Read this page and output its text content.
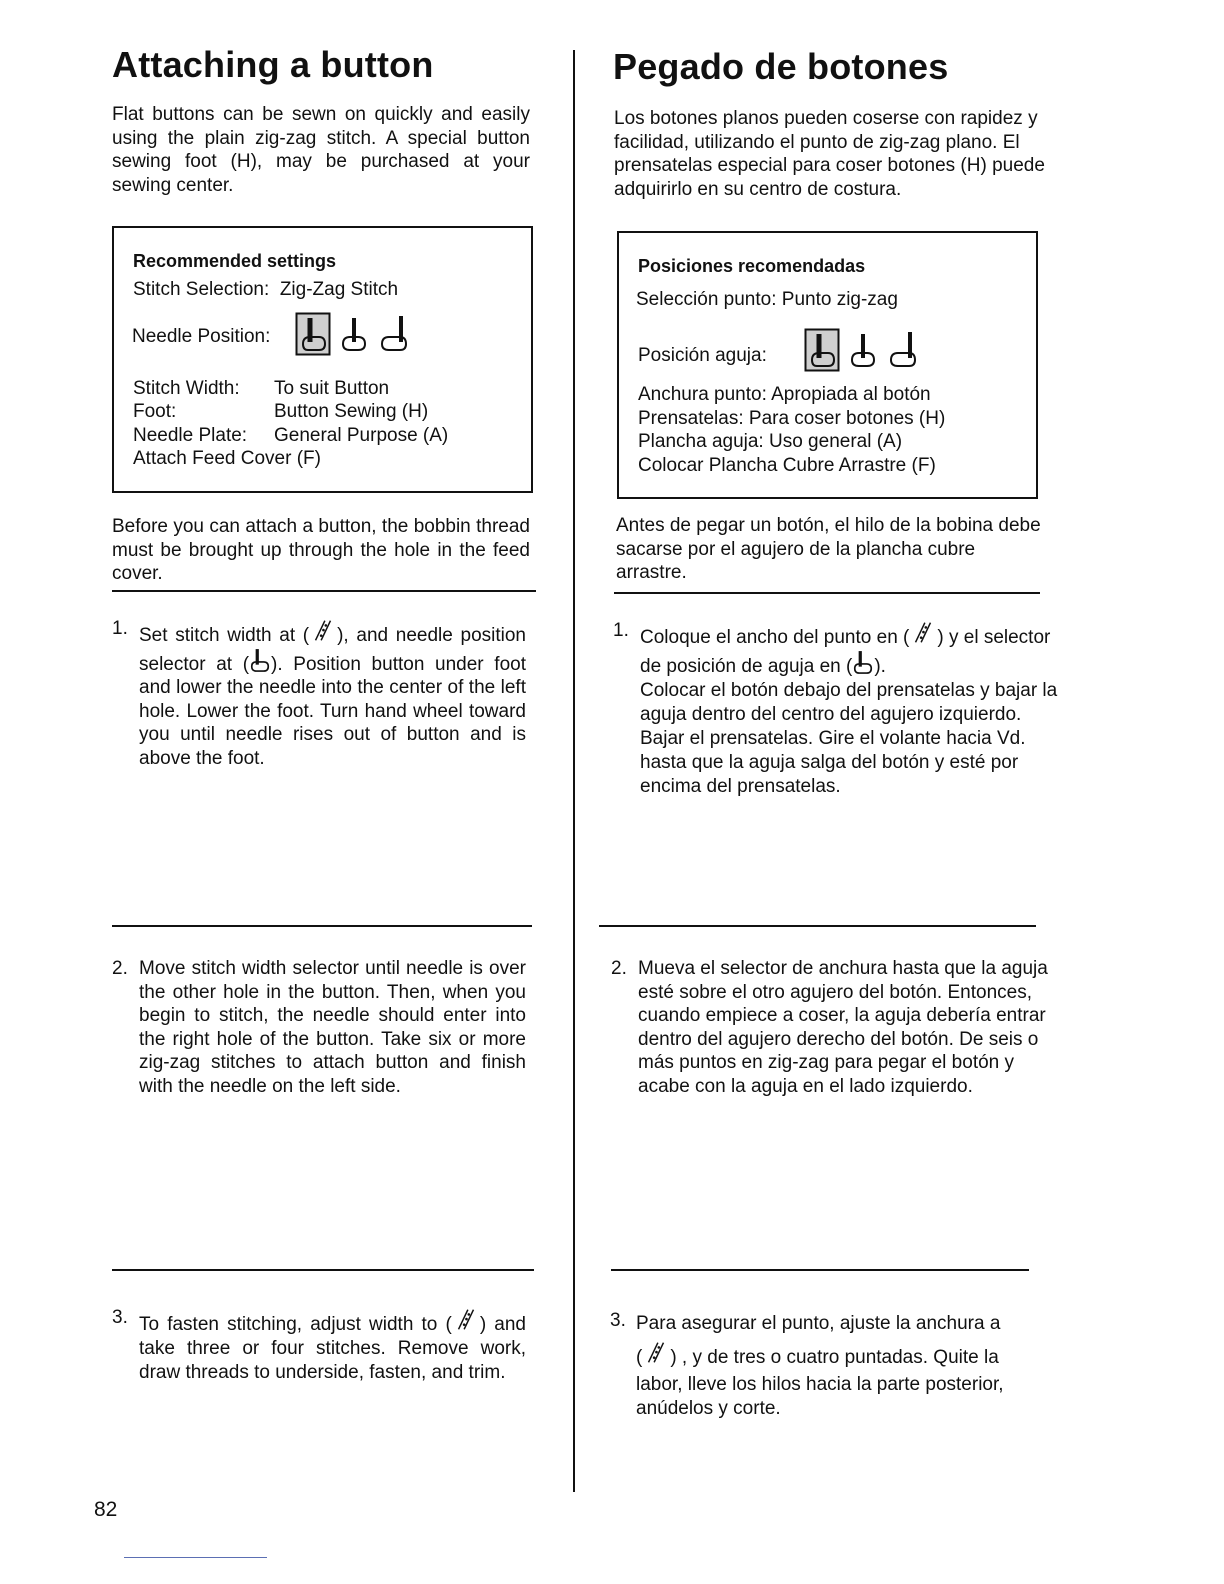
Attaching a button
Flat buttons can be sewn on quickly and easily using the plain zig-zag stitch. A special button sewing foot (H), may be purchased at your sewing center.
Recommended settings
Stitch Selection: Zig-Zag Stitch
Needle Position:
Stitch Width: To suit Button
Foot:	Button Sewing (H)
Needle Plate: General Purpose (A)
Attach Feed Cover (F)
Before you can attach a button, the bobbin thread must be brought up through the hole in the feed cover.
1. Set stitch width at ( ), and needle position selector at ( ). Position button under foot and lower the needle into the center of the left hole. Lower the foot. Turn hand wheel toward you until needle rises out of button and is above the foot.
2. Move stitch width selector until needle is over the other hole in the button. Then, when you begin to stitch, the needle should enter into the right hole of the button. Take six or more zig-zag stitches to attach button and finish with the needle on the left side.
3. To fasten stitching, adjust width to ( ) and take three or four stitches. Remove work, draw threads to underside, fasten, and trim.
Pegado de botones
Los botones planos pueden coserse con rapidez y facilidad, utilizando el punto de zig-zag plano. El prensatelas especial para coser botones (H) puede adquirirlo en su centro de costura.
Posiciones recomendadas
Selección punto: Punto zig-zag
Posición aguja:
Anchura punto: Apropiada al botón
Prensatelas: Para coser botones (H)
Plancha aguja: Uso general (A)
Colocar Plancha Cubre Arrastre (F)
Antes de pegar un botón, el hilo de la bobina debe sacarse por el agujero de la plancha cubre arrastre.
1. Coloque el ancho del punto en ( ) y el selector de posición de aguja en ( ).
Colocar el botón debajo del prensatelas y bajar la aguja dentro del centro del agujero izquierdo. Bajar el prensatelas. Gire el volante hacia Vd. hasta que la aguja salga del botón y esté por encima del prensatelas.
2. Mueva el selector de anchura hasta que la aguja esté sobre el otro agujero del botón. Entonces, cuando empiece a coser, la aguja debería entrar dentro del agujero derecho del botón. De seis o más puntos en zig-zag para pegar el botón y acabe con la aguja en el lado izquierdo.
3. Para asegurar el punto, ajuste la anchura a
( ) , y de tres o cuatro puntadas. Quite la
labor, lleve los hilos hacia la parte posterior, anúdelos y corte.
82
